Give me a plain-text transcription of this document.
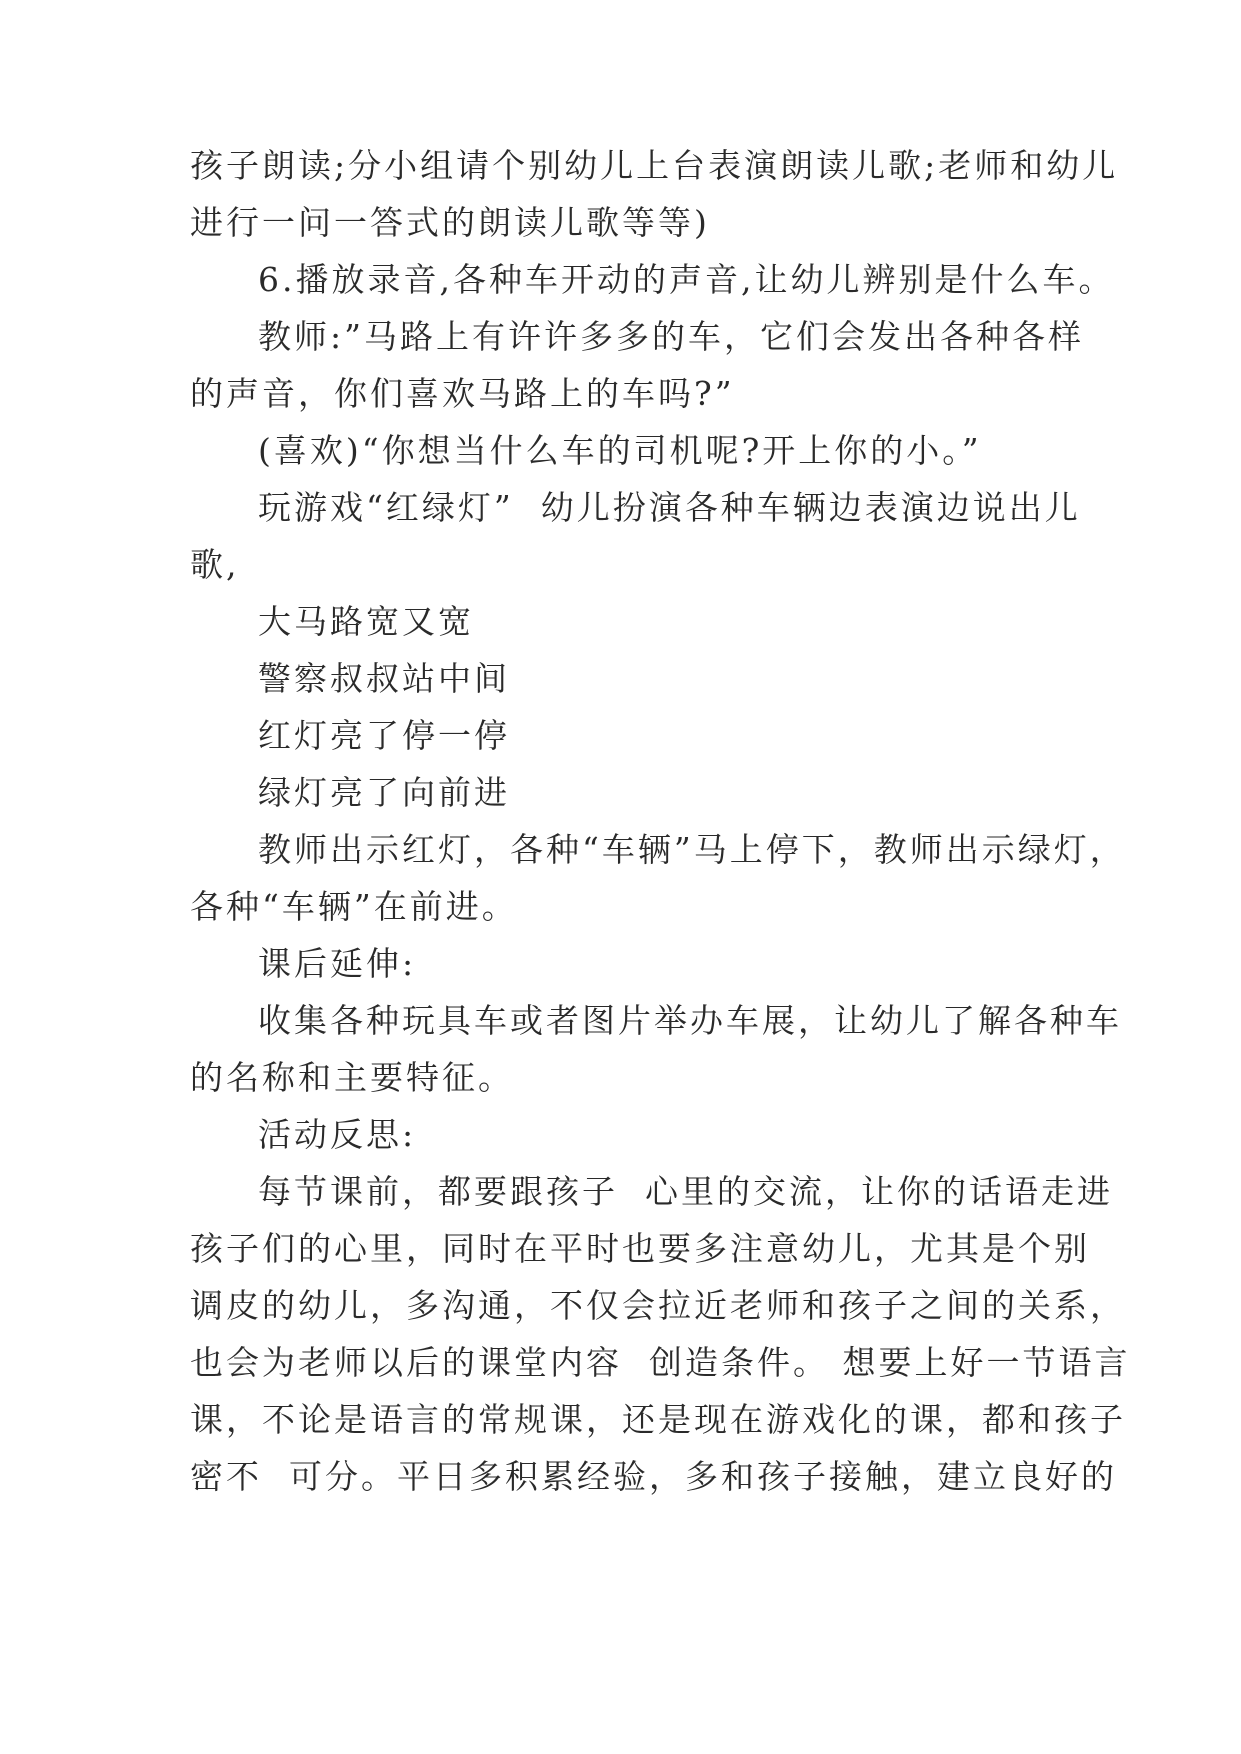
孩子朗读;分小组请个别幼儿上台表演朗读儿歌;老师和幼儿
进行一问一答式的朗读儿歌等等)
6.播放录音,各种车开动的声音,让幼儿辨别是什么车。
教师:”马路上有许许多多的车，它们会发出各种各样
的声音，你们喜欢马路上的车吗?”
(喜欢)“你想当什么车的司机呢?开上你的小。”
玩游戏“红绿灯”  幼儿扮演各种车辆边表演边说出儿
歌,
大马路宽又宽
警察叔叔站中间
红灯亮了停一停
绿灯亮了向前进
教师出示红灯，各种“车辆”马上停下，教师出示绿灯，
各种“车辆”在前进。
课后延伸:
收集各种玩具车或者图片举办车展，让幼儿了解各种车
的名称和主要特征。
活动反思:
每节课前，都要跟孩子  心里的交流，让你的话语走进
孩子们的心里，同时在平时也要多注意幼儿，尤其是个别
调皮的幼儿，多沟通，不仅会拉近老师和孩子之间的关系，
也会为老师以后的课堂内容  创造条件。 想要上好一节语言
课，不论是语言的常规课，还是现在游戏化的课，都和孩子
密不  可分。平日多积累经验，多和孩子接触，建立良好的
